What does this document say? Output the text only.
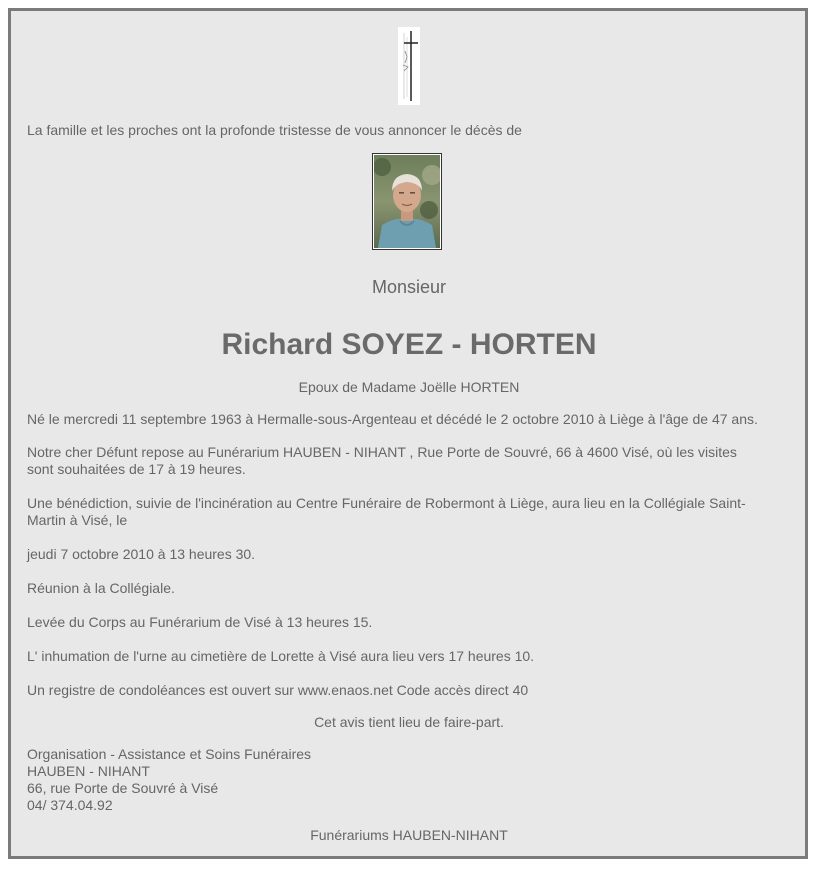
La famille et les proches ont la profonde tristesse de vous annoncer le décès de

Monsieur
Richard SOYEZ - HORTEN

Epoux de Madame Joëlle HORTEN

Né le mercredi 11 septembre 1963 à Hermalle-sous-Argenteau et décédé le 2 octobre 2010 à Liège à l'âge de 47 ans.

Notre cher Défunt repose au Funérarium HAUBEN - NIHANT , Rue Porte de Souvré, 66 à 4600 Visé, où les visites

sont souhaitées de 17 à 19 heures.

Une bénédiction, suivie de l'incinération au Centre Funéraire de Robermont à Liège, aura lieu en la Collégiale Saint-

Martin à Visé, le

jeudi 7 octobre 2010 à 13 heures 30.

Réunion à la Collégiale.

Levée du Corps au Funérarium de Visé à 13 heures 15.

L' inhumation de l'urne au cimetière de Lorette à Visé aura lieu vers 17 heures 10.

Un registre de condoléances est ouvert sur www.enaos.net Code accès direct 40

Cet avis tient lieu de faire-part.

Organisation - Assistance et Soins Funéraires

HAUBEN - NIHANT

66, rue Porte de Souvré à Visé

04/ 374.04.92

Funérariums HAUBEN-NIHANT
